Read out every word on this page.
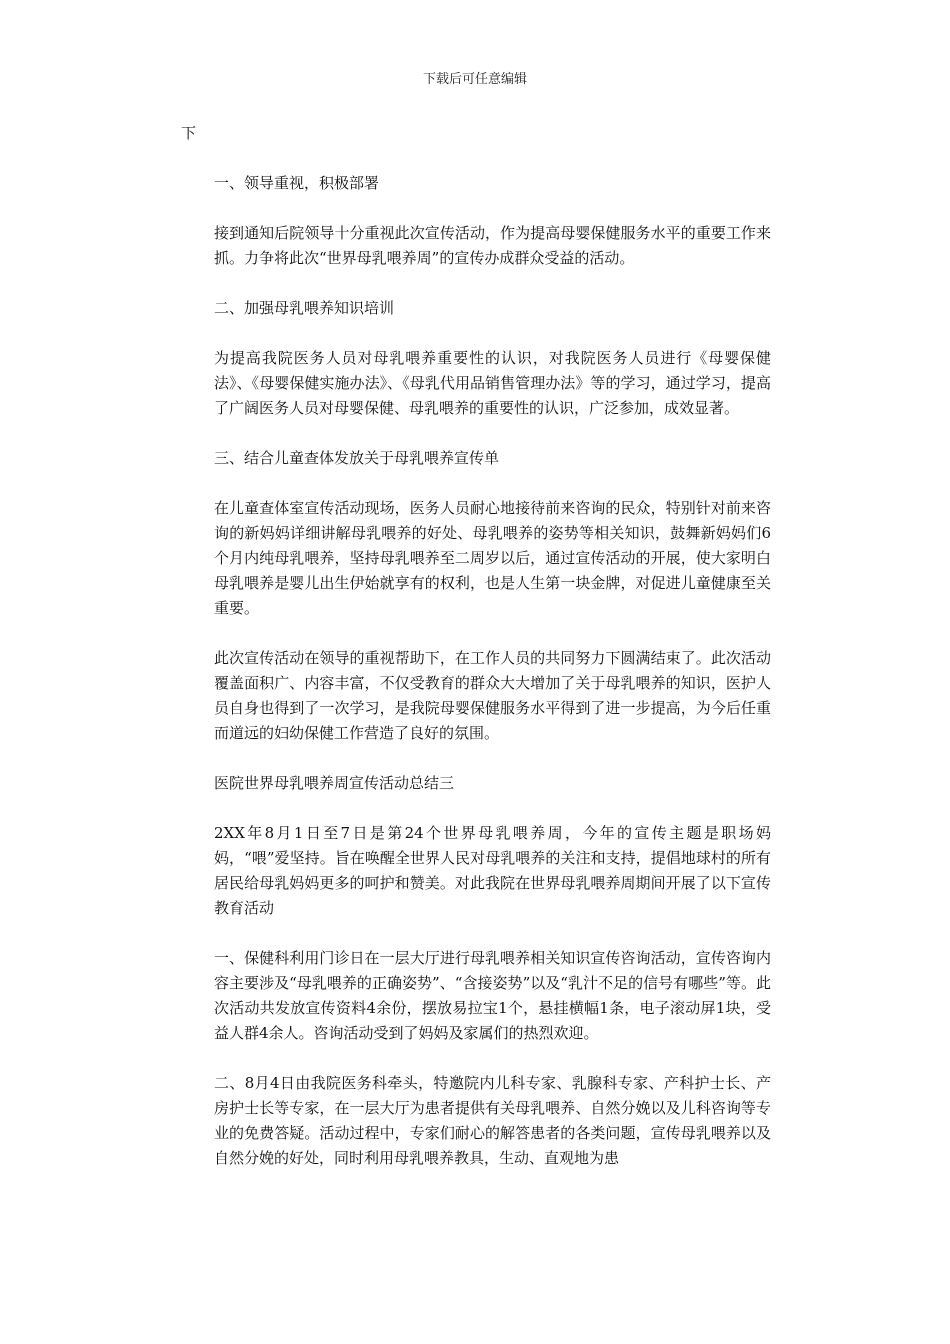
下载后可任意编辑

下

一、领导重视，积极部署

接到通知后院领导十分重视此次宣传活动，作为提高母婴保健服务水平的重要工作来抓。力争将此次“世界母乳喂养周”的宣传办成群众受益的活动。

二、加强母乳喂养知识培训

为提高我院医务人员对母乳喂养重要性的认识，对我院医务人员进行《母婴保健法》、《母婴保健实施办法》、《母乳代用品销售管理办法》等的学习，通过学习，提高了广阔医务人员对母婴保健、母乳喂养的重要性的认识，广泛参加，成效显著。

三、结合儿童查体发放关于母乳喂养宣传单

在儿童查体室宣传活动现场，医务人员耐心地接待前来咨询的民众，特别针对前来咨询的新妈妈详细讲解母乳喂养的好处、母乳喂养的姿势等相关知识，鼓舞新妈妈们6个月内纯母乳喂养，坚持母乳喂养至二周岁以后，通过宣传活动的开展，使大家明白母乳喂养是婴儿出生伊始就享有的权利，也是人生第一块金牌，对促进儿童健康至关重要。

此次宣传活动在领导的重视帮助下，在工作人员的共同努力下圆满结束了。此次活动覆盖面积广、内容丰富，不仅受教育的群众大大增加了关于母乳喂养的知识，医护人员自身也得到了一次学习，是我院母婴保健服务水平得到了进一步提高，为今后任重而道远的妇幼保健工作营造了良好的氛围。

医院世界母乳喂养周宣传活动总结三

2XX年8月1日至7日是第24个世界母乳喂养周，今年的宣传主题是职场妈妈，“喂”爱坚持。旨在唤醒全世界人民对母乳喂养的关注和支持，提倡地球村的所有居民给母乳妈妈更多的呵护和赞美。对此我院在世界母乳喂养周期间开展了以下宣传教育活动

一、保健科利用门诊日在一层大厅进行母乳喂养相关知识宣传咨询活动，宣传咨询内容主要涉及“母乳喂养的正确姿势”、“含接姿势”以及“乳汁不足的信号有哪些”等。此次活动共发放宣传资料4余份，摆放易拉宝1个，悬挂横幅1条，电子滚动屏1块，受益人群4余人。咨询活动受到了妈妈及家属们的热烈欢迎。

二、8月4日由我院医务科牵头，特邀院内儿科专家、乳腺科专家、产科护士长、产房护士长等专家，在一层大厅为患者提供有关母乳喂养、自然分娩以及儿科咨询等专业的免费答疑。活动过程中，专家们耐心的解答患者的各类问题，宣传母乳喂养以及自然分娩的好处，同时利用母乳喂养教具，生动、直观地为患
